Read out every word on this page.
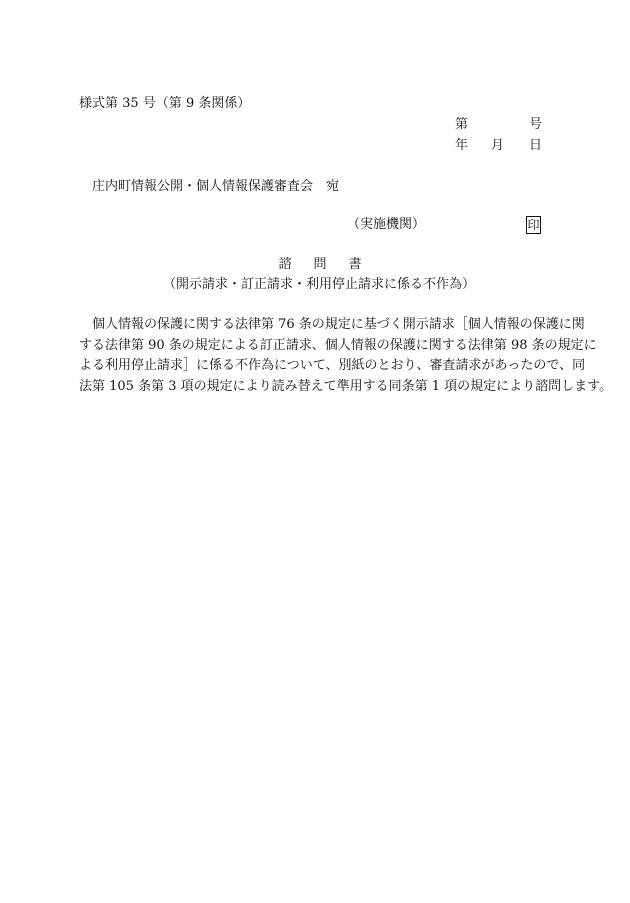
様式第 35 号（第 9 条関係）
第	号
年 月 日
庄内町情報公開・個人情報保護審査会　宛
（実施機関）	印
諮 問 書
（開示請求・訂正請求・利用停止請求に係る不作為）
個人情報の保護に関する法律第 76 条の規定に基づく開示請求［個人情報の保護に関
する法律第 90 条の規定による訂正請求、個人情報の保護に関する法律第 98 条の規定に
よる利用停止請求］に係る不作為について、別紙のとおり、審査請求があったので、同
法第 105 条第 3 項の規定により読み替えて準用する同条第 1 項の規定により諮問します。
